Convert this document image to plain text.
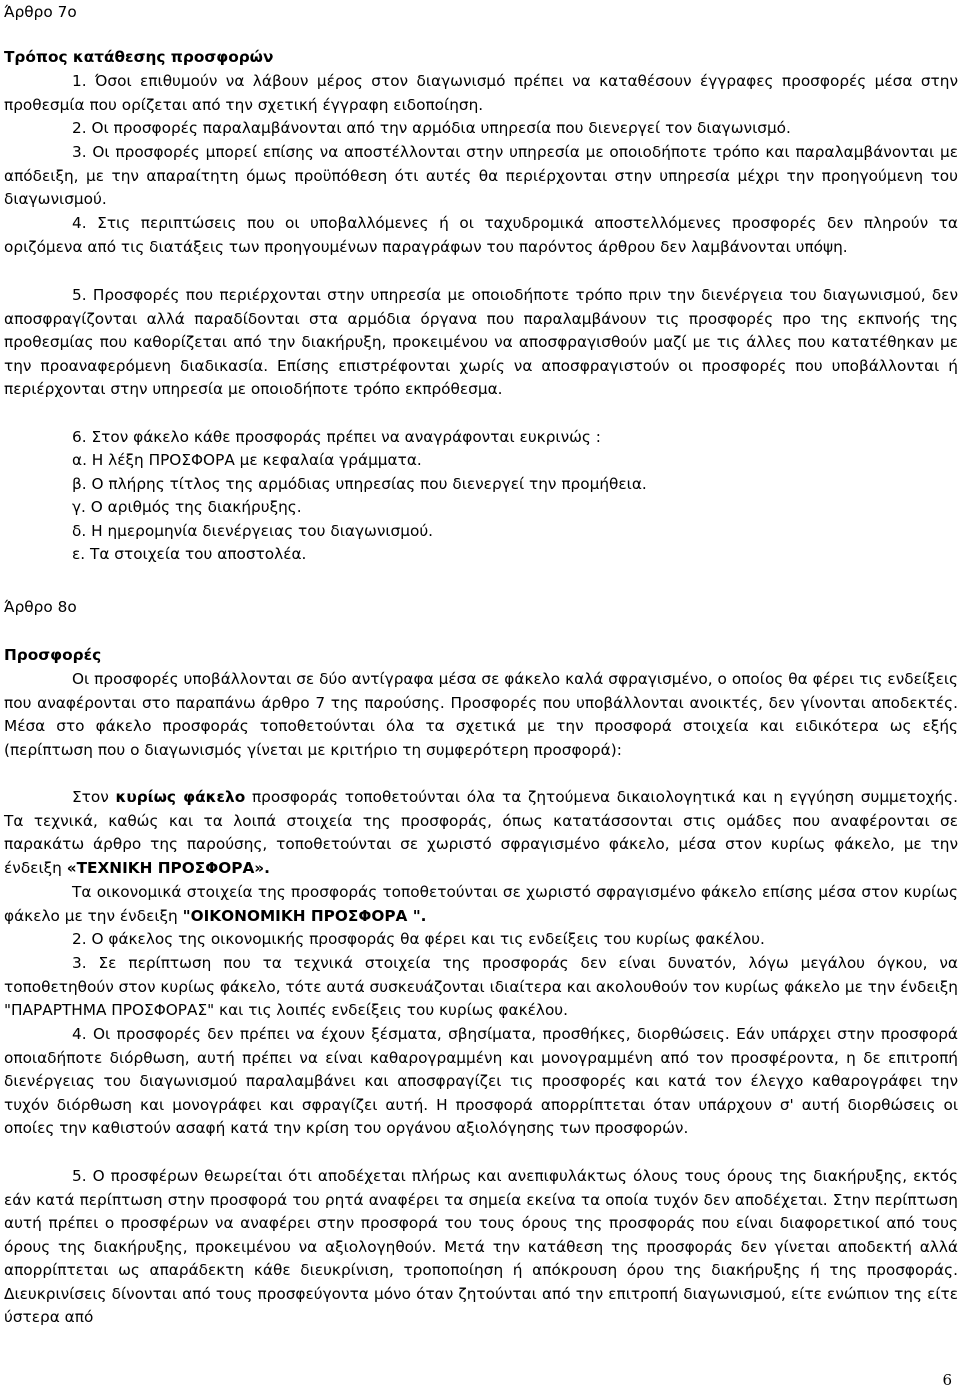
Άρθρο 7ο
Τρόπος κατάθεσης προσφορών
1. Όσοι επιθυμούν να λάβουν μέρος στον διαγωνισμό πρέπει να καταθέσουν έγγραφες προσφορές μέσα στην προθεσμία που ορίζεται από την σχετική έγγραφη ειδοποίηση.
2. Οι προσφορές παραλαμβάνονται από την αρμόδια υπηρεσία που διενεργεί τον διαγωνισμό.
3. Οι προσφορές μπορεί επίσης να αποστέλλονται στην υπηρεσία με οποιοδήποτε τρόπο και παραλαμβάνονται με απόδειξη, με την απαραίτητη όμως προϋπόθεση ότι αυτές θα περιέρχονται στην υπηρεσία μέχρι την προηγούμενη του διαγωνισμού.
4. Στις περιπτώσεις που οι υποβαλλόμενες ή οι ταχυδρομικά αποστελλόμενες προσφορές δεν πληρούν τα οριζόμενα από τις διατάξεις των προηγουμένων παραγράφων του παρόντος άρθρου δεν λαμβάνονται υπόψη.
5. Προσφορές που περιέρχονται στην υπηρεσία με οποιοδήποτε τρόπο πριν την διενέργεια του διαγωνισμού, δεν αποσφραγίζονται αλλά παραδίδονται στα αρμόδια όργανα που παραλαμβάνουν τις προσφορές προ της εκπνοής της προθεσμίας που καθορίζεται από την διακήρυξη, προκειμένου να αποσφραγισθούν μαζί με τις άλλες που κατατέθηκαν με την προαναφερόμενη διαδικασία. Επίσης επιστρέφονται χωρίς να αποσφραγιστούν οι προσφορές που υποβάλλονται ή περιέρχονται στην υπηρεσία με οποιοδήποτε τρόπο εκπρόθεσμα.
6. Στον φάκελο κάθε προσφοράς πρέπει να αναγράφονται ευκρινώς :
α. Η λέξη ΠΡΟΣΦΟΡΑ με κεφαλαία γράμματα.
β. Ο πλήρης τίτλος της αρμόδιας υπηρεσίας που διενεργεί την προμήθεια.
γ. Ο αριθμός της διακήρυξης.
δ. Η ημερομηνία διενέργειας του διαγωνισμού.
ε. Τα στοιχεία του αποστολέα.
Άρθρο 8ο
Προσφορές
Οι προσφορές υποβάλλονται σε δύο αντίγραφα μέσα σε φάκελο καλά σφραγισμένο, ο οποίος θα φέρει τις ενδείξεις που αναφέρονται στο παραπάνω άρθρο 7 της παρούσης. Προσφορές που υποβάλλονται ανοικτές, δεν γίνονται αποδεκτές. Μέσα στο φάκελο προσφοράς τοποθετούνται όλα τα σχετικά με την προσφορά στοιχεία και ειδικότερα ως εξής (περίπτωση που ο διαγωνισμός γίνεται με κριτήριο τη συμφερότερη προσφορά):
Στον κυρίως φάκελο προσφοράς τοποθετούνται όλα τα ζητούμενα δικαιολογητικά και η εγγύηση συμμετοχής. Τα τεχνικά, καθώς και τα λοιπά στοιχεία της προσφοράς, όπως κατατάσσονται στις ομάδες που αναφέρονται σε παρακάτω άρθρο της παρούσης, τοποθετούνται σε χωριστό σφραγισμένο φάκελο, μέσα στον κυρίως φάκελο, με την ένδειξη «ΤΕΧΝΙΚΗ ΠΡΟΣΦΟΡΑ».
Τα οικονομικά στοιχεία της προσφοράς τοποθετούνται σε χωριστό σφραγισμένο φάκελο επίσης μέσα στον κυρίως φάκελο με την ένδειξη "ΟΙΚΟΝΟΜΙΚΗ ΠΡΟΣΦΟΡΑ ".
2. Ο φάκελος της οικονομικής προσφοράς θα φέρει και τις ενδείξεις του κυρίως φακέλου.
3. Σε περίπτωση που τα τεχνικά στοιχεία της προσφοράς δεν είναι δυνατόν, λόγω μεγάλου όγκου, να τοποθετηθούν στον κυρίως φάκελο, τότε αυτά συσκευάζονται ιδιαίτερα και ακολουθούν τον κυρίως φάκελο με την ένδειξη "ΠΑΡΑΡΤΗΜΑ ΠΡΟΣΦΟΡΑΣ" και τις λοιπές ενδείξεις του κυρίως φακέλου.
4. Οι προσφορές δεν πρέπει να έχουν ξέσματα, σβησίματα, προσθήκες, διορθώσεις. Εάν υπάρχει στην προσφορά οποιαδήποτε διόρθωση, αυτή πρέπει να είναι καθαρογραμμένη και μονογραμμένη από τον προσφέροντα, η δε επιτροπή διενέργειας του διαγωνισμού παραλαμβάνει και αποσφραγίζει τις προσφορές και κατά τον έλεγχο καθαρογράφει την τυχόν διόρθωση και μονογράφει και σφραγίζει αυτή. Η προσφορά απορρίπτεται όταν υπάρχουν σ' αυτή διορθώσεις οι οποίες την καθιστούν ασαφή κατά την κρίση του οργάνου αξιολόγησης των προσφορών.
5. Ο προσφέρων θεωρείται ότι αποδέχεται πλήρως και ανεπιφυλάκτως όλους τους όρους της διακήρυξης, εκτός εάν κατά περίπτωση στην προσφορά του ρητά αναφέρει τα σημεία εκείνα τα οποία τυχόν δεν αποδέχεται. Στην περίπτωση αυτή πρέπει ο προσφέρων να αναφέρει στην προσφορά του τους όρους της προσφοράς που είναι διαφορετικοί από τους όρους της διακήρυξης, προκειμένου να αξιολογηθούν. Μετά την κατάθεση της προσφοράς δεν γίνεται αποδεκτή αλλά απορρίπτεται ως απαράδεκτη κάθε διευκρίνιση, τροποποίηση ή απόκρουση όρου της διακήρυξης ή της προσφοράς. Διευκρινίσεις δίνονται από τους προσφεύγοντα μόνο όταν ζητούνται από την επιτροπή διαγωνισμού, είτε ενώπιον της είτε ύστερα από
6
